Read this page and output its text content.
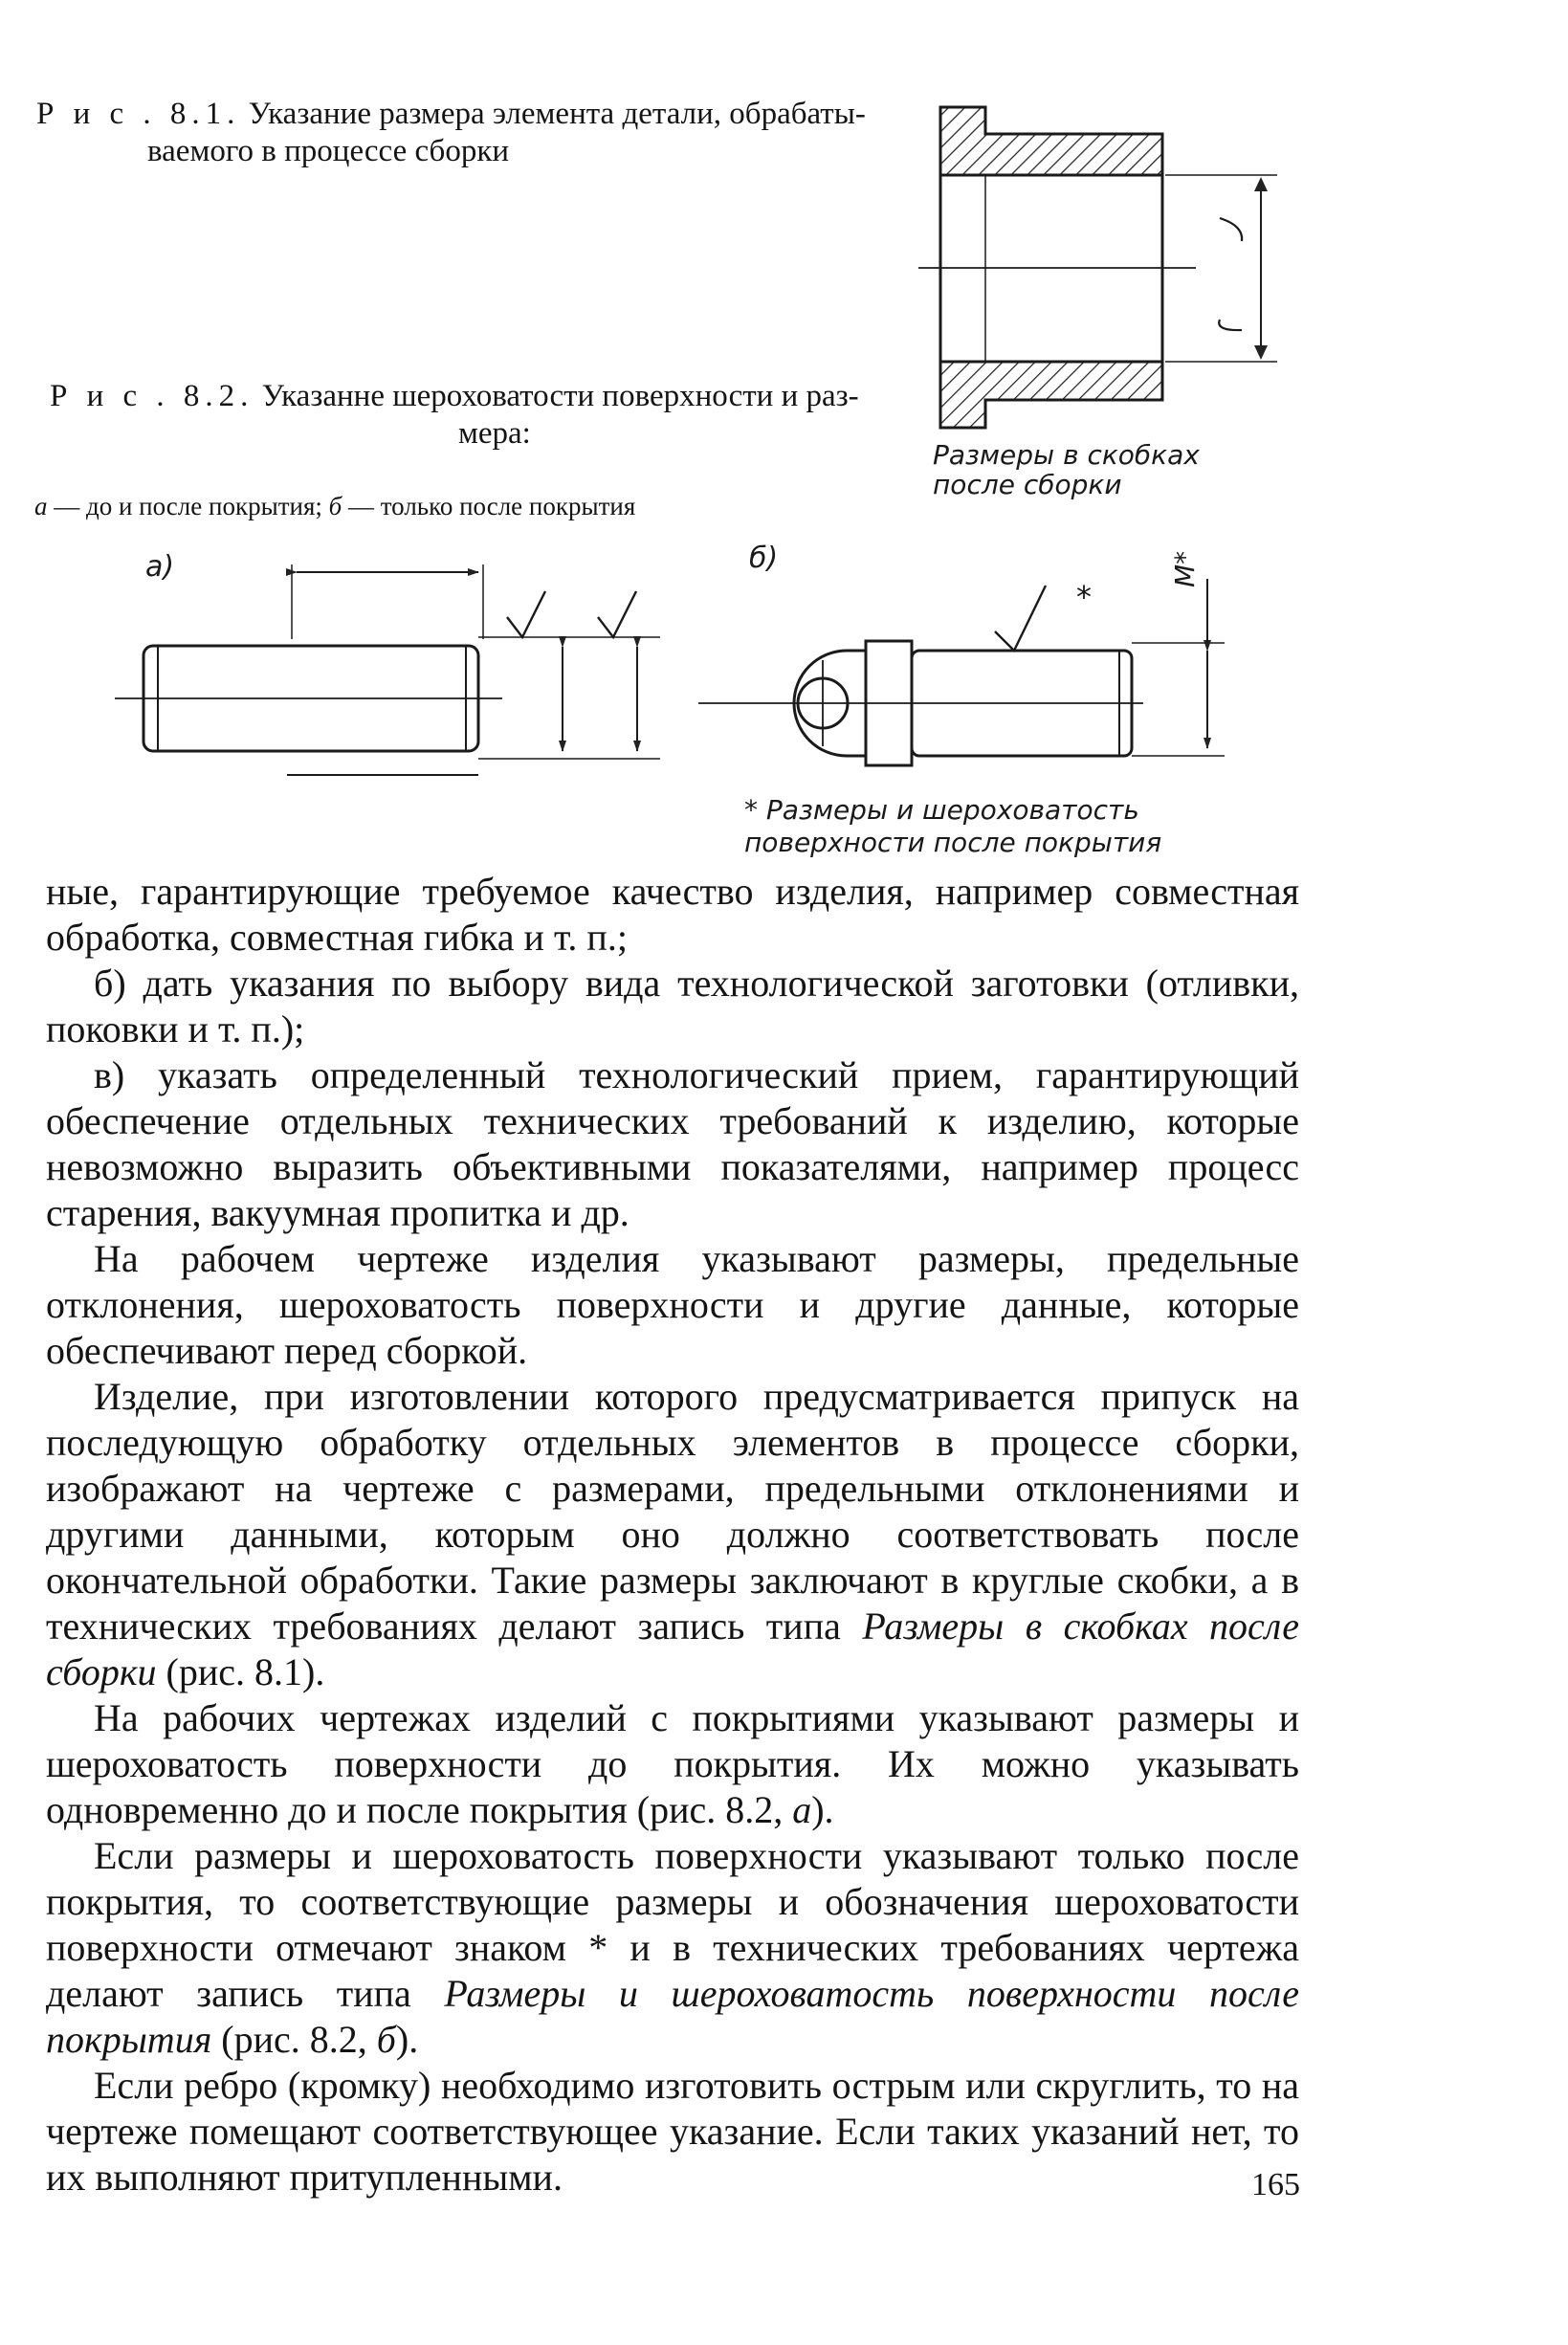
Р и с . 8.1. Указание размера элемента детали, обрабаты-
ваемого в процессе сборки
Р и с . 8.2. Указанне шероховатости поверхности и раз-
мера:
а — до и после покрытия; б — только после покрытия
а)	б)
*
М*
Размеры в скобках
после сборки
* Размеры и шероховатость
поверхности после покрытия

ные, гарантирующие требуемое качество изделия, например совместная обработка, совместная гибка и т. п.;

б) дать указания по выбору вида технологической заготовки (отливки, поковки и т. п.);

в) указать определенный технологический прием, гарантирующий обеспечение отдельных технических требований к изделию, которые невозможно выразить объективными показателями, например процесс старения, вакуумная пропитка и др.

На рабочем чертеже изделия указывают размеры, предельные отклонения, шероховатость поверхности и другие данные, которые обеспечивают перед сборкой.

Изделие, при изготовлении которого предусматривается припуск на последующую обработку отдельных элементов в процессе сборки, изображают на чертеже с размерами, предельными отклонениями и другими данными, которым оно должно соответствовать после окончательной обработки. Такие размеры заключают в круглые скобки, а в технических требованиях делают запись типа Размеры в скобках после сборки (рис. 8.1).

На рабочих чертежах изделий с покрытиями указывают размеры и шероховатость поверхности до покрытия. Их можно указывать одновременно до и после покрытия (рис. 8.2, а).

Если размеры и шероховатость поверхности указывают только после покрытия, то соответствующие размеры и обозначения шероховатости поверхности отмечают знаком * и в технических требованиях чертежа делают запись типа Размеры и шероховатость поверхности после покрытия (рис. 8.2, б).

Если ребро (кромку) необходимо изготовить острым или скруглить, то на чертеже помещают соответствующее указание. Если таких указаний нет, то их выполняют притупленными.	165
